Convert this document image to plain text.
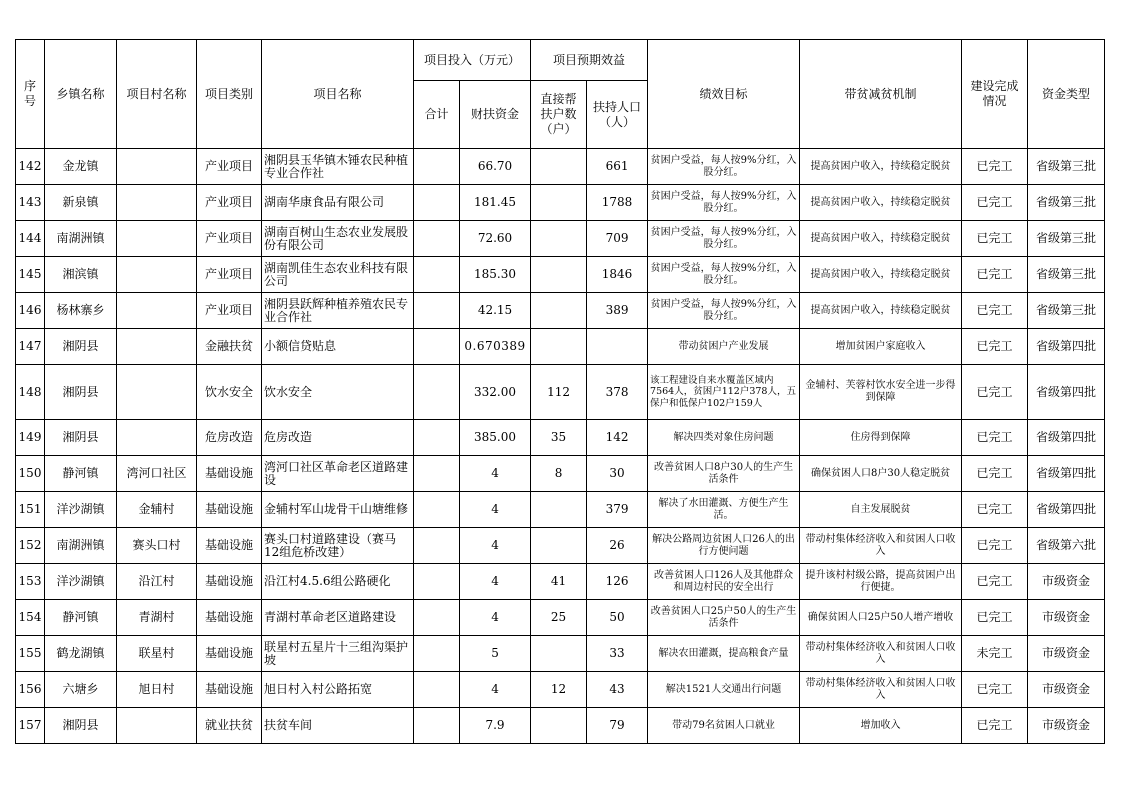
序号	乡镇名称	项目村名称	项目类别	项目名称	项目投入（万元）		项目预期效益		绩效目标	带贫减贫机制	建设完成情况	资金类型
					合计	财扶资金	直接帮扶户数（户）	扶持人口（人）				
142	金龙镇		产业项目	湘阴县玉华镇木锤农民种植专业合作社		66.70		661	贫困户受益，每人按9%分红，入股分红。	提高贫困户收入，持续稳定脱贫	已完工	省级第三批
143	新泉镇		产业项目	湖南华康食品有限公司		181.45		1788	贫困户受益，每人按9%分红，入股分红。	提高贫困户收入，持续稳定脱贫	已完工	省级第三批
144	南湖洲镇		产业项目	湖南百树山生态农业发展股份有限公司		72.60		709	贫困户受益，每人按9%分红，入股分红。	提高贫困户收入，持续稳定脱贫	已完工	省级第三批
145	湘滨镇		产业项目	湖南凯佳生态农业科技有限公司		185.30		1846	贫困户受益，每人按9%分红，入股分红。	提高贫困户收入，持续稳定脱贫	已完工	省级第三批
146	杨林寨乡		产业项目	湘阴县跃辉种植养殖农民专业合作社		42.15		389	贫困户受益，每人按9%分红，入股分红。	提高贫困户收入，持续稳定脱贫	已完工	省级第三批
147	湘阴县		金融扶贫	小额信贷贴息		0.670389			带动贫困户产业发展	增加贫困户家庭收入	已完工	省级第四批
148	湘阴县		饮水安全	饮水安全		332.00	112	378	该工程建设自来水覆盖区域内7564人，贫困户112户378人，五保户和低保户102户159人	金辅村、芙蓉村饮水安全进一步得到保障	已完工	省级第四批
149	湘阴县		危房改造	危房改造		385.00	35	142	解决四类对象住房问题	住房得到保障	已完工	省级第四批
150	静河镇	湾河口社区	基础设施	湾河口社区革命老区道路建设		4	8	30	改善贫困人口8户30人的生产生活条件	确保贫困人口8户30人稳定脱贫	已完工	省级第四批
151	洋沙湖镇	金辅村	基础设施	金辅村军山垅骨干山塘维修		4		379	解决了水田灌溉、方便生产生活。	自主发展脱贫	已完工	省级第四批
152	南湖洲镇	赛头口村	基础设施	赛头口村道路建设（赛马12组危桥改建）		4		26	解决公路周边贫困人口26人的出行方便问题	带动村集体经济收入和贫困人口收入	已完工	省级第六批
153	洋沙湖镇	沿江村	基础设施	沿江村4.5.6组公路硬化		4	41	126	改善贫困人口126人及其他群众和周边村民的安全出行	提升该村村级公路，提高贫困户出行便捷。	已完工	市级资金
154	静河镇	青湖村	基础设施	青湖村革命老区道路建设		4	25	50	改善贫困人口25户50人的生产生活条件	确保贫困人口25户50人增产增收	已完工	市级资金
155	鹤龙湖镇	联星村	基础设施	联星村五星片十三组沟渠护坡		5		33	解决农田灌溉，提高粮食产量	带动村集体经济收入和贫困人口收入	未完工	市级资金
156	六塘乡	旭日村	基础设施	旭日村入村公路拓宽		4	12	43	解决1521人交通出行问题	带动村集体经济收入和贫困人口收入	已完工	市级资金
157	湘阴县		就业扶贫	扶贫车间		7.9		79	带动79名贫困人口就业	增加收入	已完工	市级资金
